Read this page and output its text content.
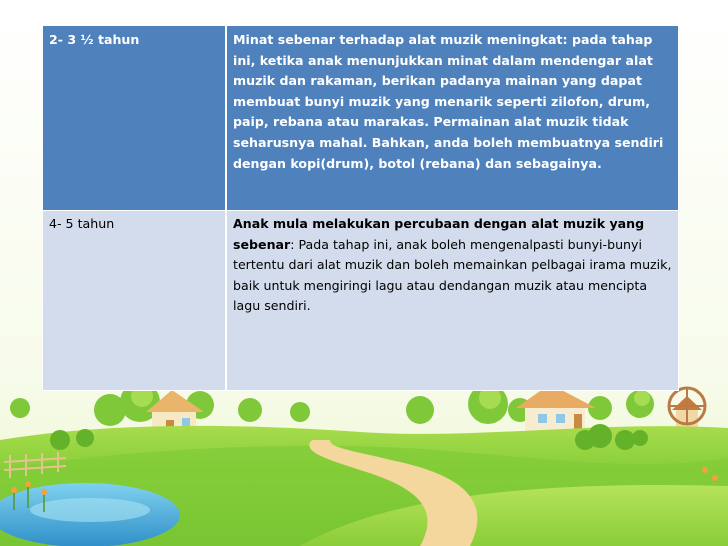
2- 3 ½ tahun	Minat sebenar terhadap alat muzik meningkat: pada tahap ini, ketika anak menunjukkan minat dalam mendengar alat muzik dan rakaman, berikan padanya mainan yang dapat membuat bunyi muzik yang menarik seperti zilofon, drum, paip, rebana atau marakas. Permainan alat muzik tidak seharusnya mahal. Bahkan, anda boleh membuatnya sendiri dengan kopi(drum), botol (rebana) dan sebagainya.
4- 5 tahun	Anak mula melakukan percubaan dengan alat muzik yang sebenar: Pada tahap ini, anak boleh mengenalpasti bunyi-bunyi tertentu dari alat muzik dan boleh memainkan pelbagai irama muzik, baik untuk mengiringi lagu atau dendangan muzik atau mencipta lagu sendiri.
